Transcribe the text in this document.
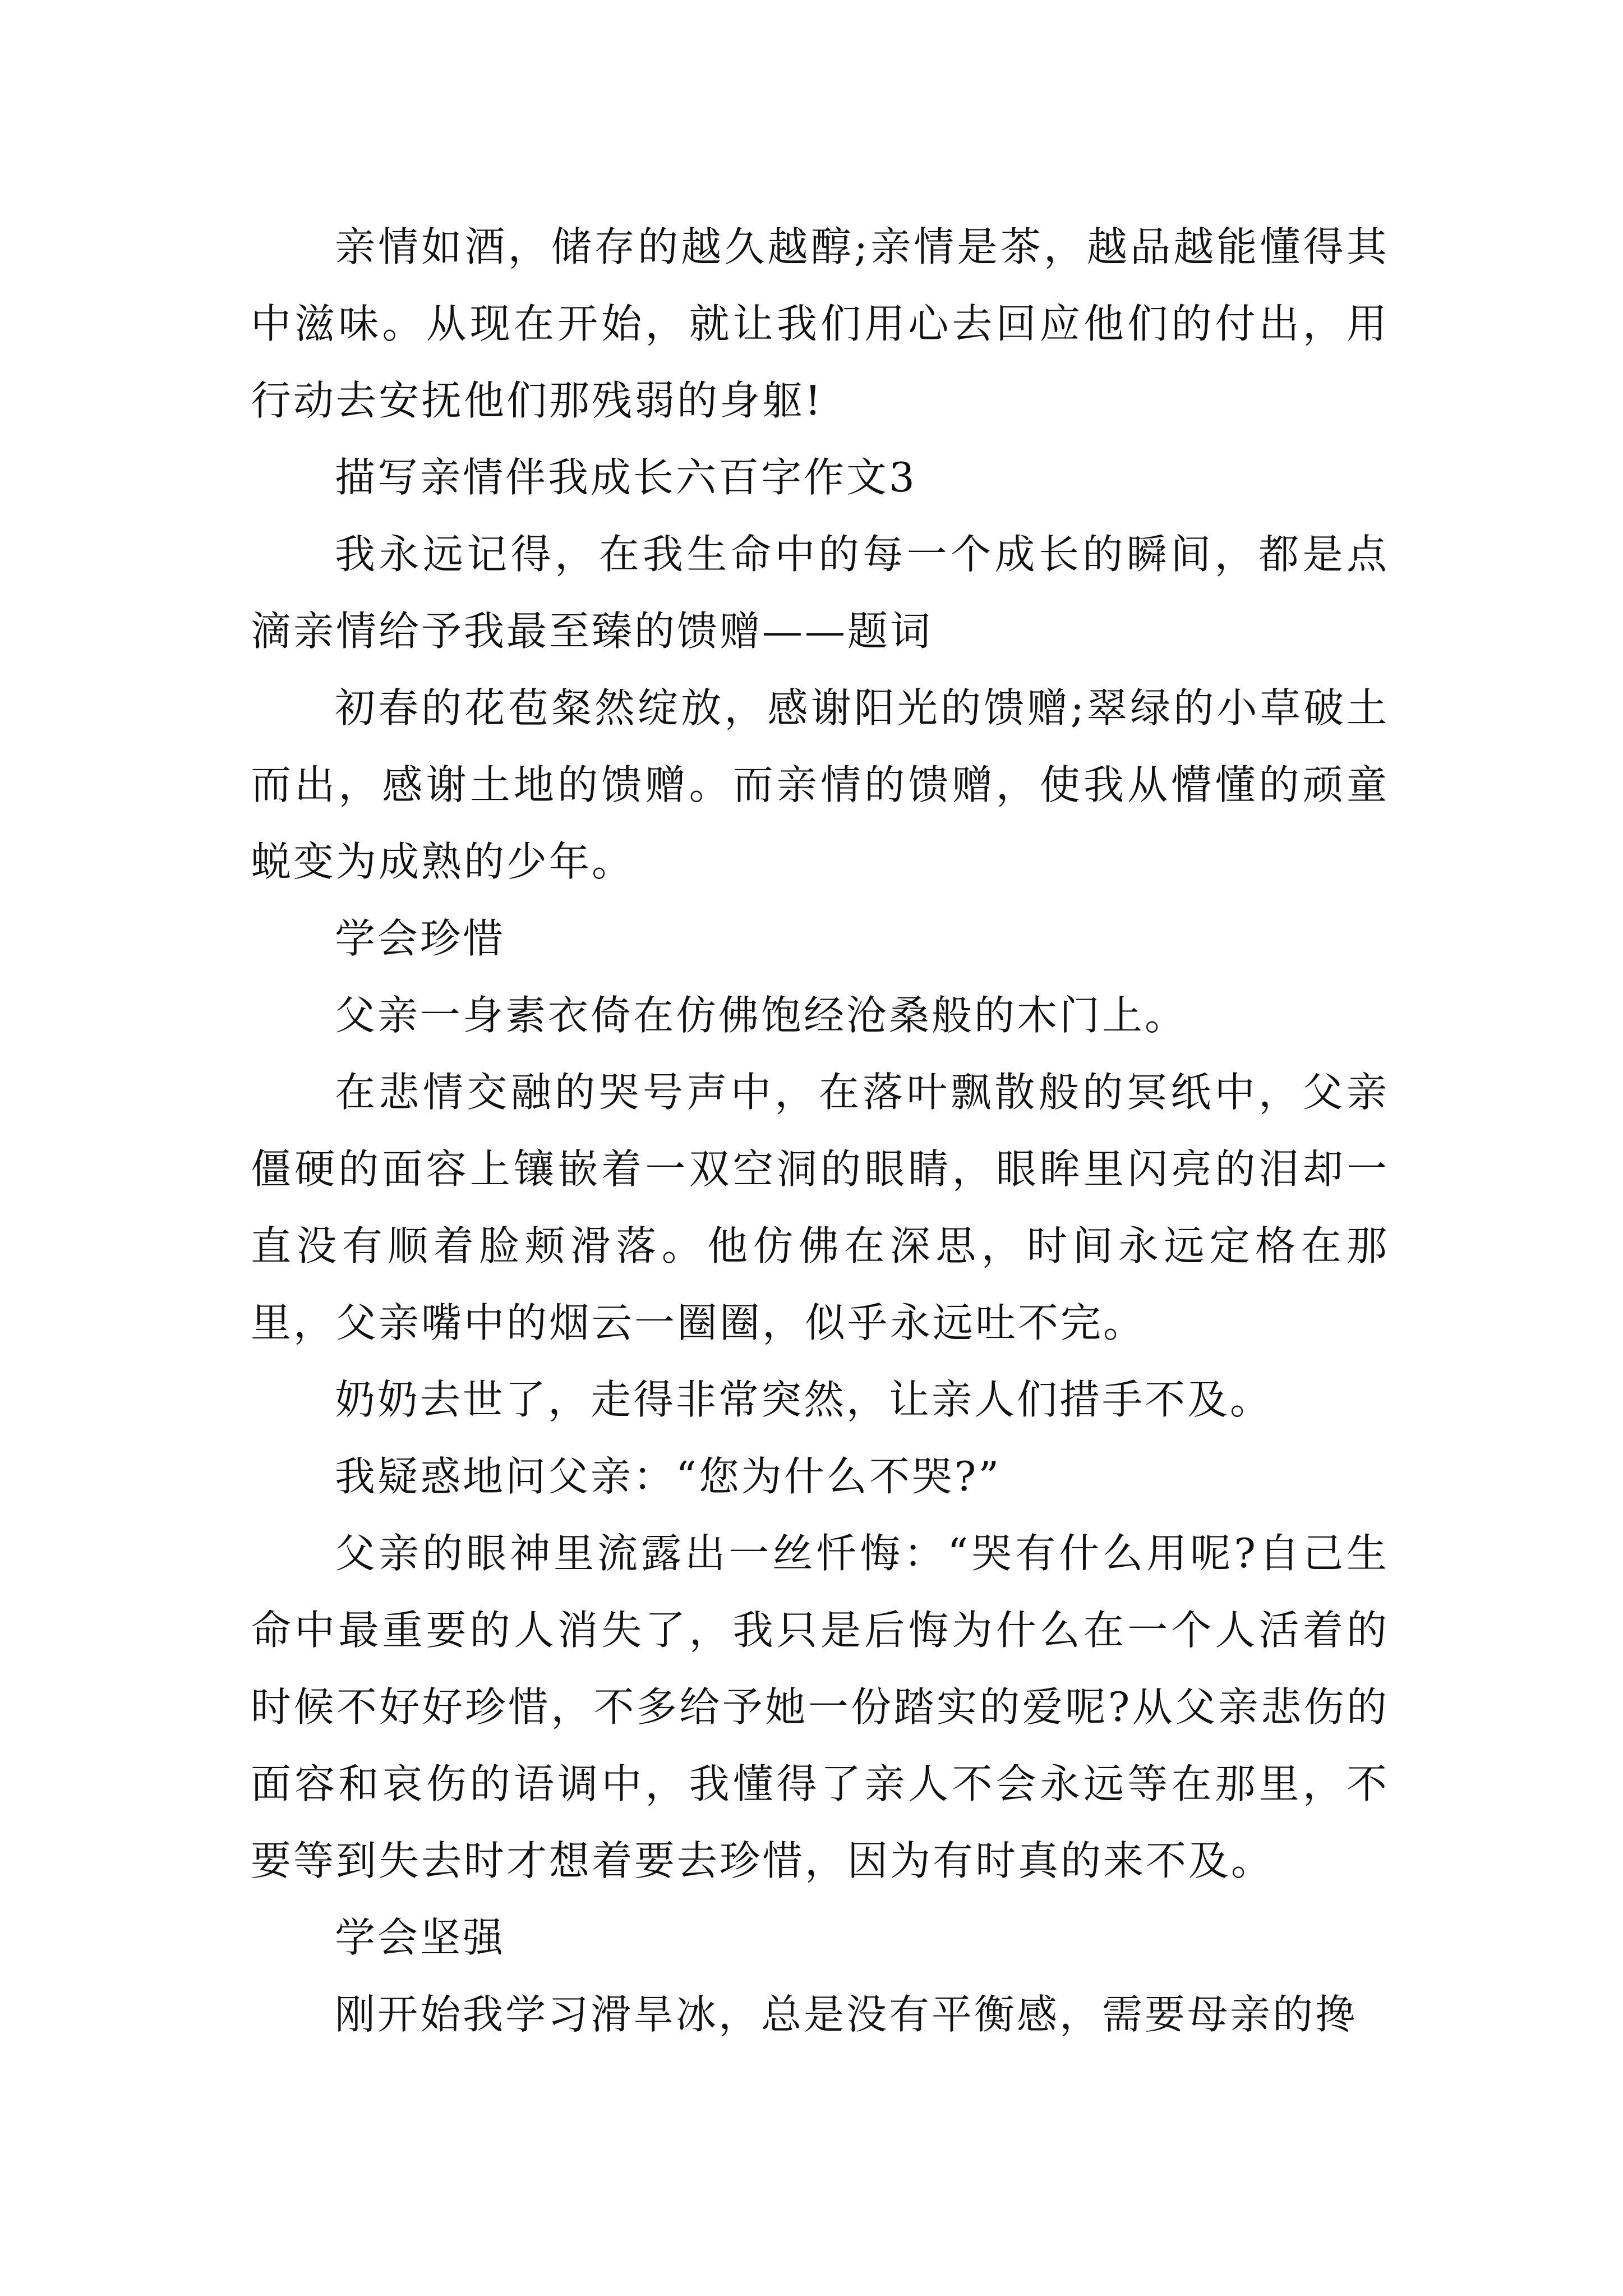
亲情如酒，储存的越久越醇;亲情是茶，越品越能懂得其中滋味。从现在开始，就让我们用心去回应他们的付出，用行动去安抚他们那残弱的身躯!

描写亲情伴我成长六百字作文3

我永远记得，在我生命中的每一个成长的瞬间，都是点滴亲情给予我最至臻的馈赠——题词

初春的花苞粲然绽放，感谢阳光的馈赠;翠绿的小草破土而出，感谢土地的馈赠。而亲情的馈赠，使我从懵懂的顽童蜕变为成熟的少年。

学会珍惜

父亲一身素衣倚在仿佛饱经沧桑般的木门上。

在悲情交融的哭号声中，在落叶飘散般的冥纸中，父亲僵硬的面容上镶嵌着一双空洞的眼睛，眼眸里闪亮的泪却一直没有顺着脸颊滑落。他仿佛在深思，时间永远定格在那里，父亲嘴中的烟云一圈圈，似乎永远吐不完。

奶奶去世了，走得非常突然，让亲人们措手不及。

我疑惑地问父亲：“您为什么不哭?”

父亲的眼神里流露出一丝忏悔：“哭有什么用呢?自己生命中最重要的人消失了，我只是后悔为什么在一个人活着的时候不好好珍惜，不多给予她一份踏实的爱呢?从父亲悲伤的面容和哀伤的语调中，我懂得了亲人不会永远等在那里，不要等到失去时才想着要去珍惜，因为有时真的来不及。

学会坚强

刚开始我学习滑旱冰，总是没有平衡感，需要母亲的搀
